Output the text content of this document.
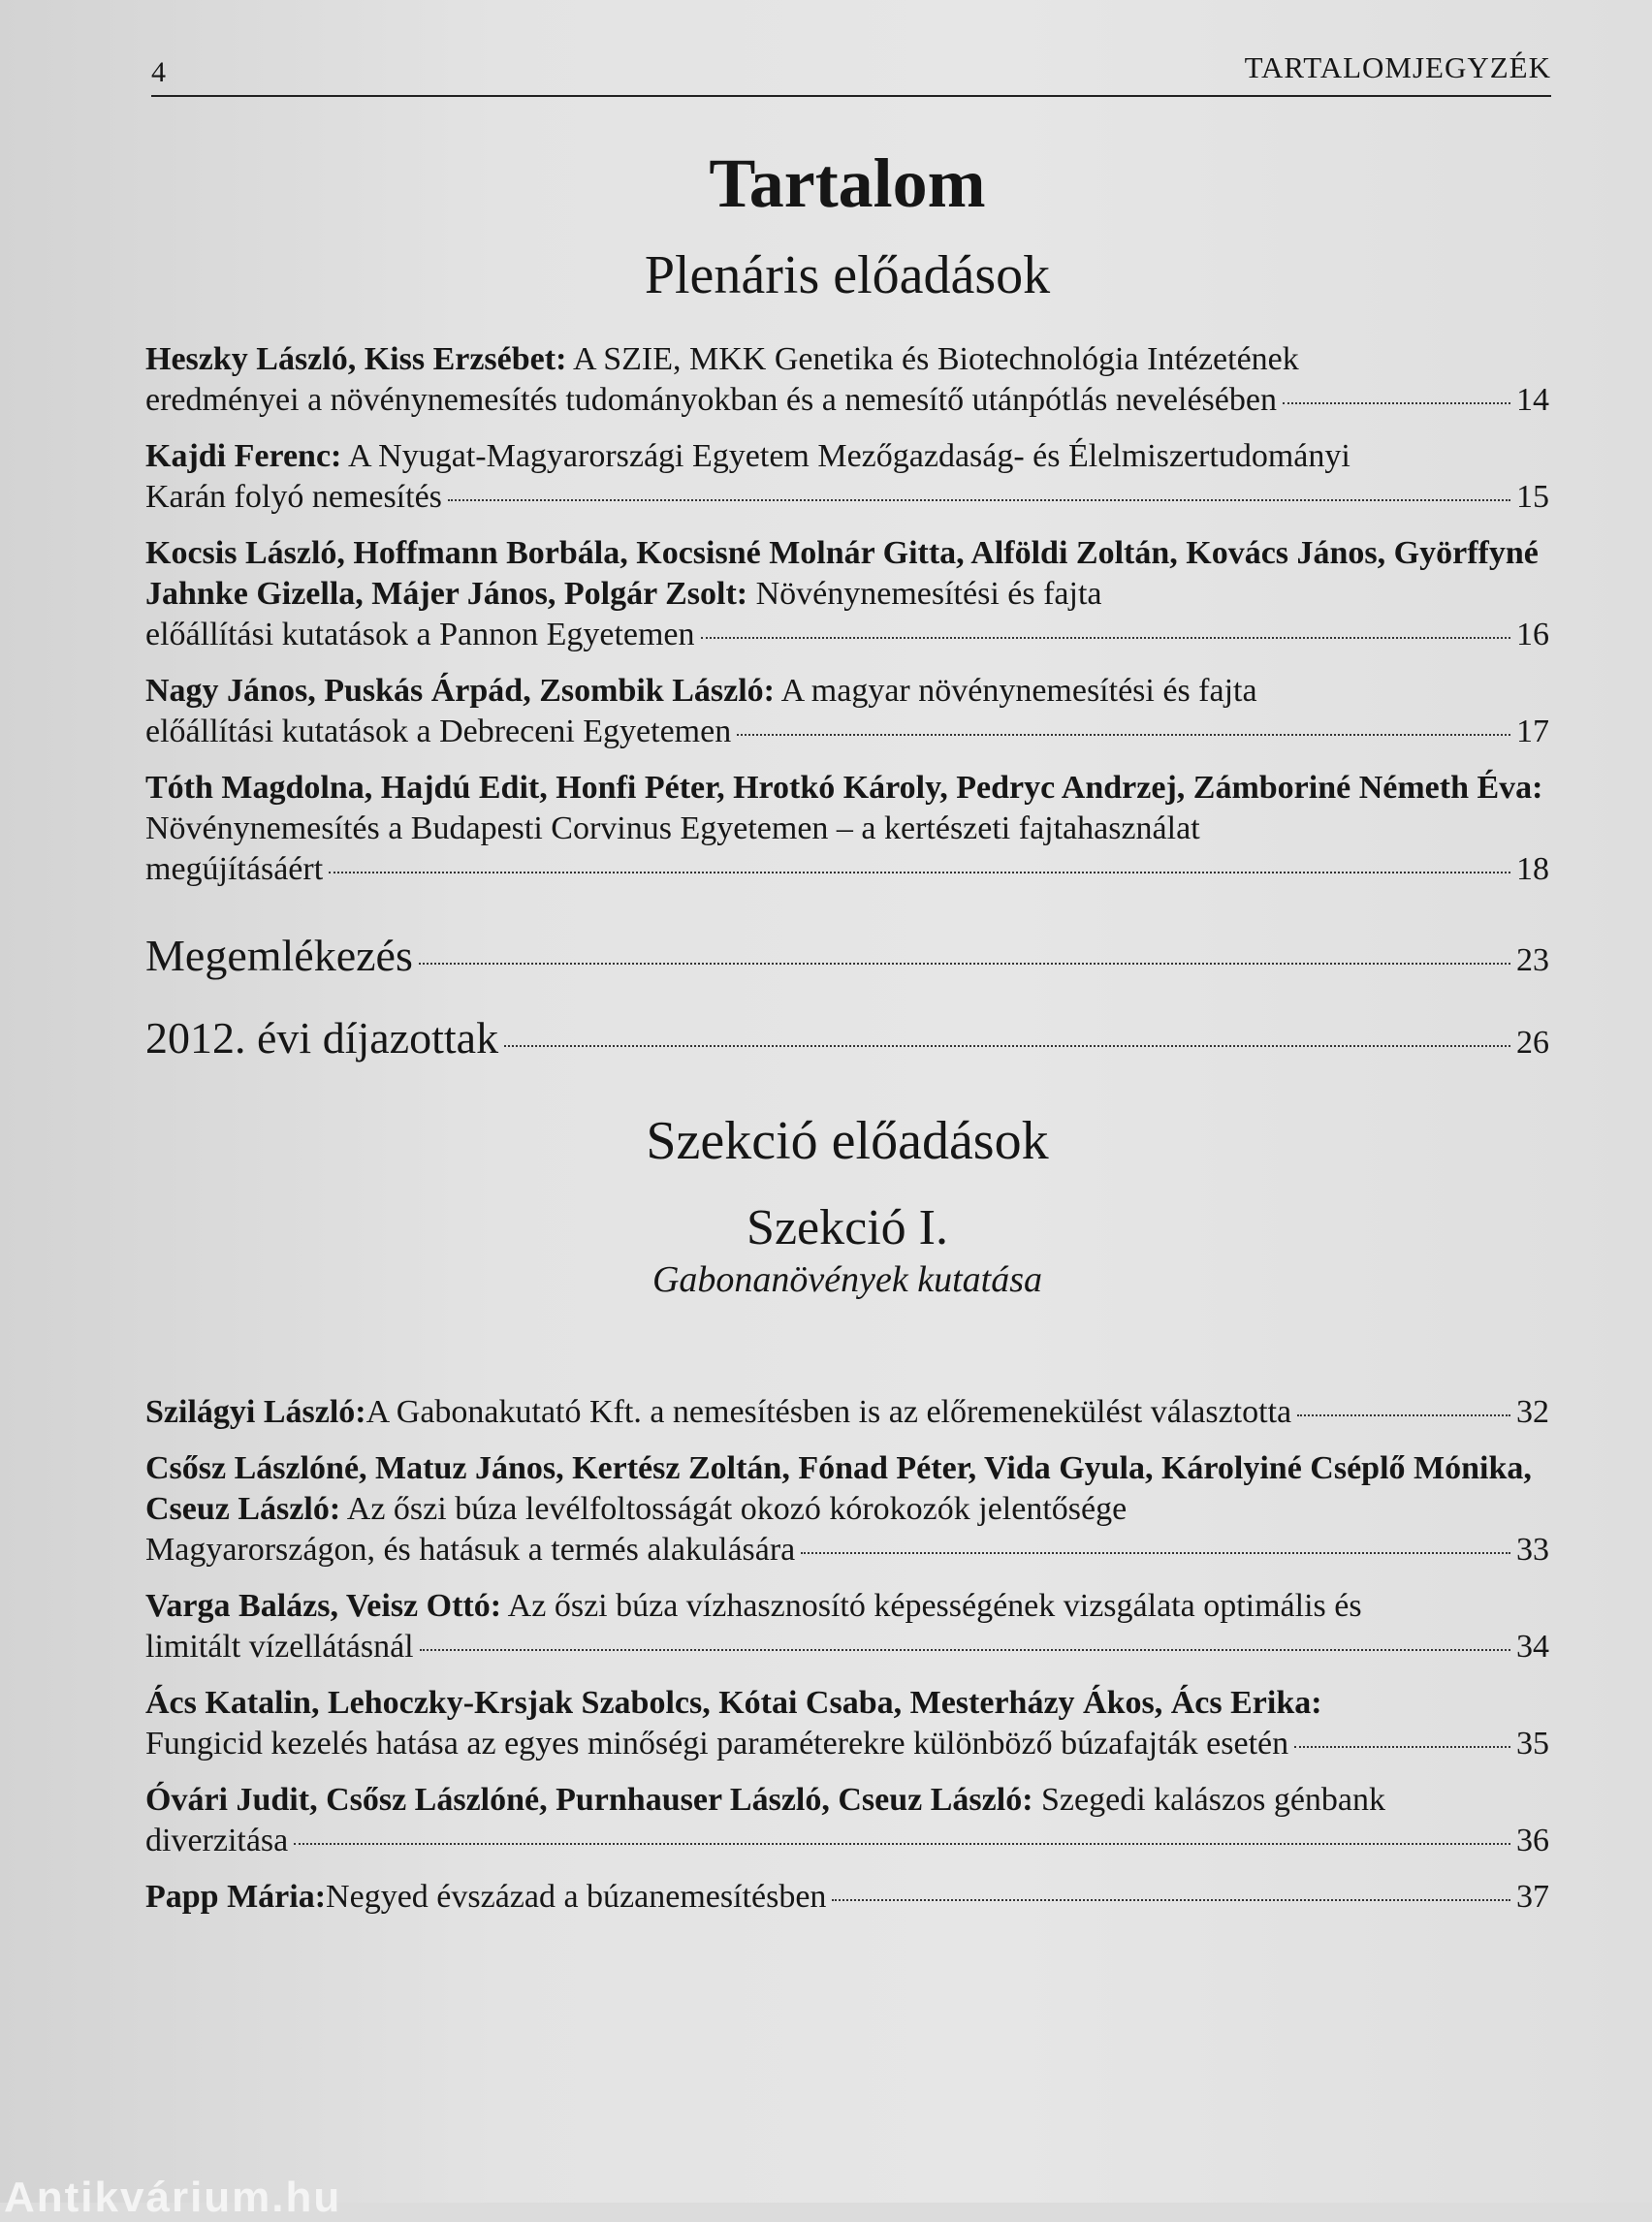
4	TARTALOMJEGYZÉK
Tartalom
Plenáris előadások
Heszky László, Kiss Erzsébet: A SZIE, MKK Genetika és Biotechnológia Intézetének
eredményei a növénynemesítés tudományokban és a nemesítő utánpótlás nevelésében	14
Kajdi Ferenc: A Nyugat-Magyarországi Egyetem Mezőgazdaság- és Élelmiszertudományi
Karán folyó nemesítés	15
Kocsis László, Hoffmann Borbála, Kocsisné Molnár Gitta, Alföldi Zoltán, Kovács János, Györffyné Jahnke Gizella, Májer János, Polgár Zsolt: Növénynemesítési és fajta
előállítási kutatások a Pannon Egyetemen	16
Nagy János, Puskás Árpád, Zsombik László: A magyar növénynemesítési és fajta
előállítási kutatások a Debreceni Egyetemen	17
Tóth Magdolna, Hajdú Edit, Honfi Péter, Hrotkó Károly, Pedryc Andrzej, Zámboriné Németh Éva: Növénynemesítés a Budapesti Corvinus Egyetemen – a kertészeti fajtahasználat
megújításáért	18
Megemlékezés	23
2012. évi díjazottak	26
Szekció előadások
Szekció I.

Gabonanövények kutatása

Szilágyi László: A Gabonakutató Kft. a nemesítésben is az előremenekülést választotta	32
Csősz Lászlóné, Matuz János, Kertész Zoltán, Fónad Péter, Vida Gyula, Károlyiné Cséplő Mónika, Cseuz László: Az őszi búza levélfoltosságát okozó kórokozók jelentősége
Magyarországon, és hatásuk a termés alakulására	33
Varga Balázs, Veisz Ottó: Az őszi búza vízhasznosító képességének vizsgálata optimális és
limitált vízellátásnál	34
Ács Katalin, Lehoczky-Krsjak Szabolcs, Kótai Csaba, Mesterházy Ákos, Ács Erika:
Fungicid kezelés hatása az egyes minőségi paraméterekre különböző búzafajták esetén	35
Óvári Judit, Csősz Lászlóné, Purnhauser László, Cseuz László: Szegedi kalászos génbank
diverzitása	36
Papp Mária: Negyed évszázad a búzanemesítésben	37
Antikvárium.hu
